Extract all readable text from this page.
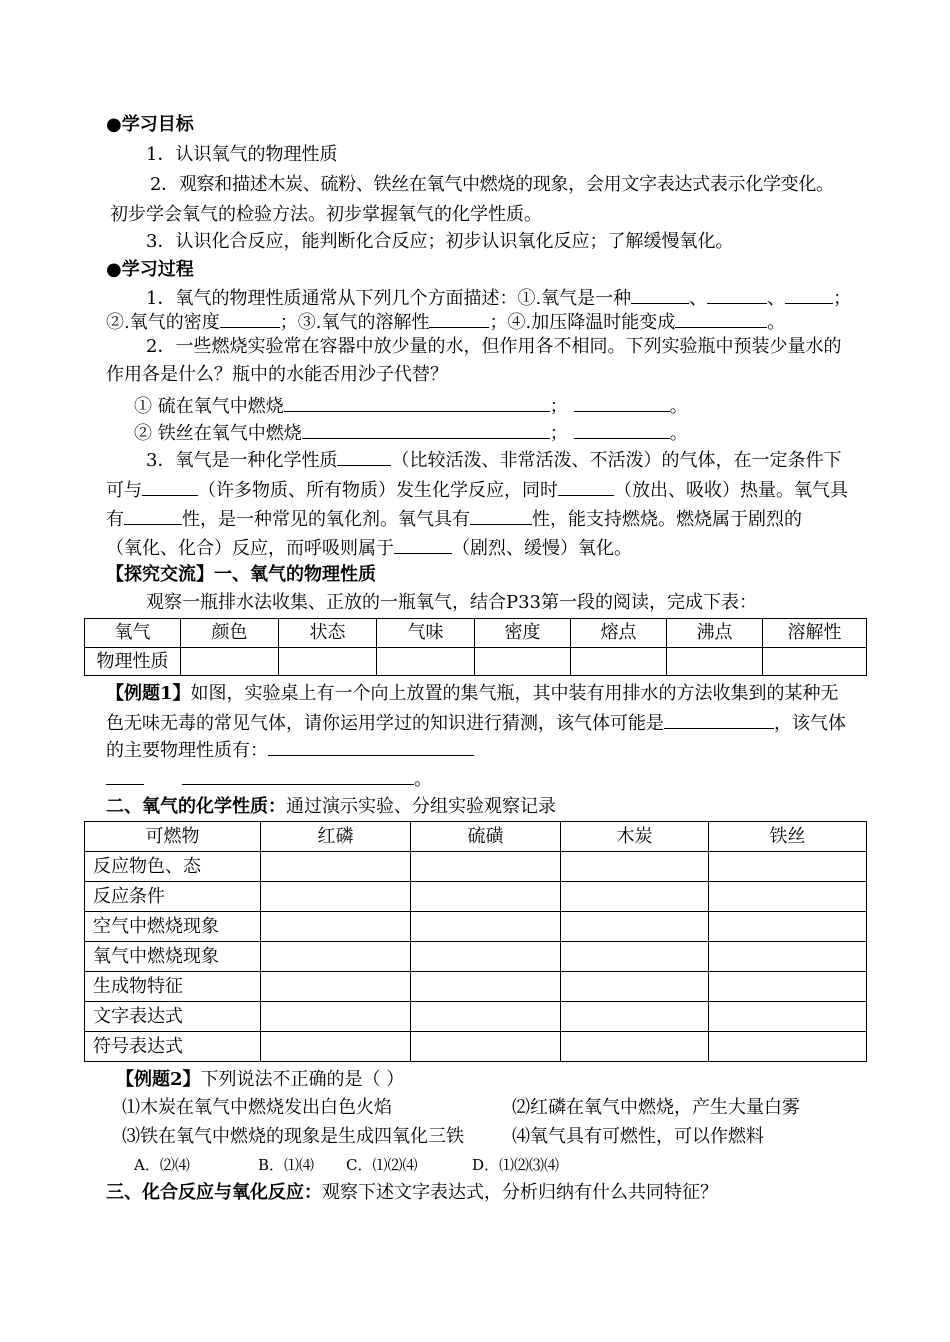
●学习目标
1．认识氧气的物理性质
2．观察和描述木炭、硫粉、铁丝在氧气中燃烧的现象，会用文字表达式表示化学变化。
初步学会氧气的检验方法。初步掌握氧气的化学性质。
3．认识化合反应，能判断化合反应；初步认识氧化反应；了解缓慢氧化。
●学习过程
1．氧气的物理性质通常从下列几个方面描述：①.氧气是一种	、	、	；
②.氧气的密度	；③.氧气的溶解性	；④.加压降温时能变成	。
2．一些燃烧实验常在容器中放少量的水，但作用各不相同。下列实验瓶中预装少量水的
作用各是什么？瓶中的水能否用沙子代替？
① 硫在氧气中燃烧	；	。
② 铁丝在氧气中燃烧	；	。
3．氧气是一种化学性质	（比较活泼、非常活泼、不活泼）的气体，在一定条件下
可与	（许多物质、所有物质）发生化学反应，同时	（放出、吸收）热量。氧气具
有	性，是一种常见的氧化剂。氧气具有	性，能支持燃烧。燃烧属于剧烈的
（氧化、化合）反应，而呼吸则属于	（剧烈、缓慢）氧化。
【探究交流】一、氧气的物理性质
观察一瓶排水法收集、正放的一瓶氧气，结合P33第一段的阅读，完成下表：
氧气	颜色	状态	气味	密度	熔点	沸点	溶解性
物理性质							
【例题1】如图，实验桌上有一个向上放置的集气瓶，其中装有用排水的方法收集到的某种无
色无味无毒的常见气体，请你运用学过的知识进行猜测，该气体可能是	，该气体
的主要物理性质有：
。
二、氧气的化学性质：通过演示实验、分组实验观察记录
可燃物	红磷	硫磺	木炭	铁丝
反应物色、态				
反应条件				
空气中燃烧现象				
氧气中燃烧现象				
生成物特征				
文字表达式				
符号表达式				
【例题2】下列说法不正确的是（ ）
⑴木炭在氧气中燃烧发出白色火焰	⑵红磷在氧气中燃烧，产生大量白雾
⑶铁在氧气中燃烧的现象是生成四氧化三铁	⑷氧气具有可燃性，可以作燃料
A．⑵⑷	B．⑴⑷ C．⑴⑵⑷	D．⑴⑵⑶⑷
三、化合反应与氧化反应：观察下述文字表达式，分析归纳有什么共同特征？
